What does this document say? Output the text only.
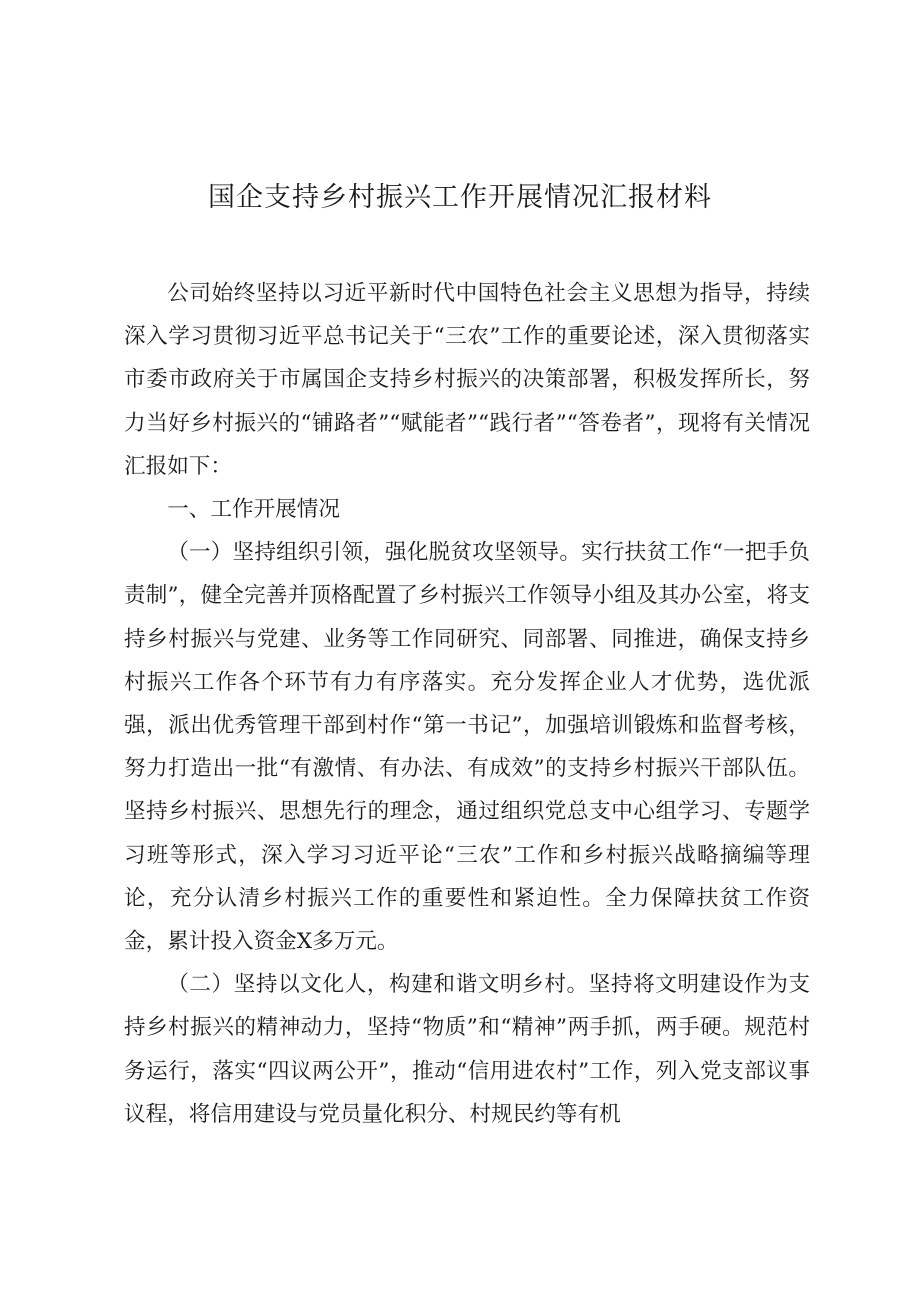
国企支持乡村振兴工作开展情况汇报材料

公司始终坚持以习近平新时代中国特色社会主义思想为指导，持续深入学习贯彻习近平总书记关于“三农”工作的重要论述，深入贯彻落实市委市政府关于市属国企支持乡村振兴的决策部署，积极发挥所长，努力当好乡村振兴的“铺路者”“赋能者”“践行者”“答卷者”，现将有关情况汇报如下：

一、工作开展情况

（一）坚持组织引领，强化脱贫攻坚领导。实行扶贫工作“一把手负责制”，健全完善并顶格配置了乡村振兴工作领导小组及其办公室，将支持乡村振兴与党建、业务等工作同研究、同部署、同推进，确保支持乡村振兴工作各个环节有力有序落实。充分发挥企业人才优势，选优派强，派出优秀管理干部到村作“第一书记”，加强培训锻炼和监督考核，努力打造出一批“有激情、有办法、有成效”的支持乡村振兴干部队伍。坚持乡村振兴、思想先行的理念，通过组织党总支中心组学习、专题学习班等形式，深入学习习近平论“三农”工作和乡村振兴战略摘编等理论，充分认清乡村振兴工作的重要性和紧迫性。全力保障扶贫工作资金，累计投入资金X多万元。

（二）坚持以文化人，构建和谐文明乡村。坚持将文明建设作为支持乡村振兴的精神动力，坚持“物质”和“精神”两手抓，两手硬。规范村务运行，落实“四议两公开”，推动“信用进农村”工作，列入党支部议事议程，将信用建设与党员量化积分、村规民约等有机
